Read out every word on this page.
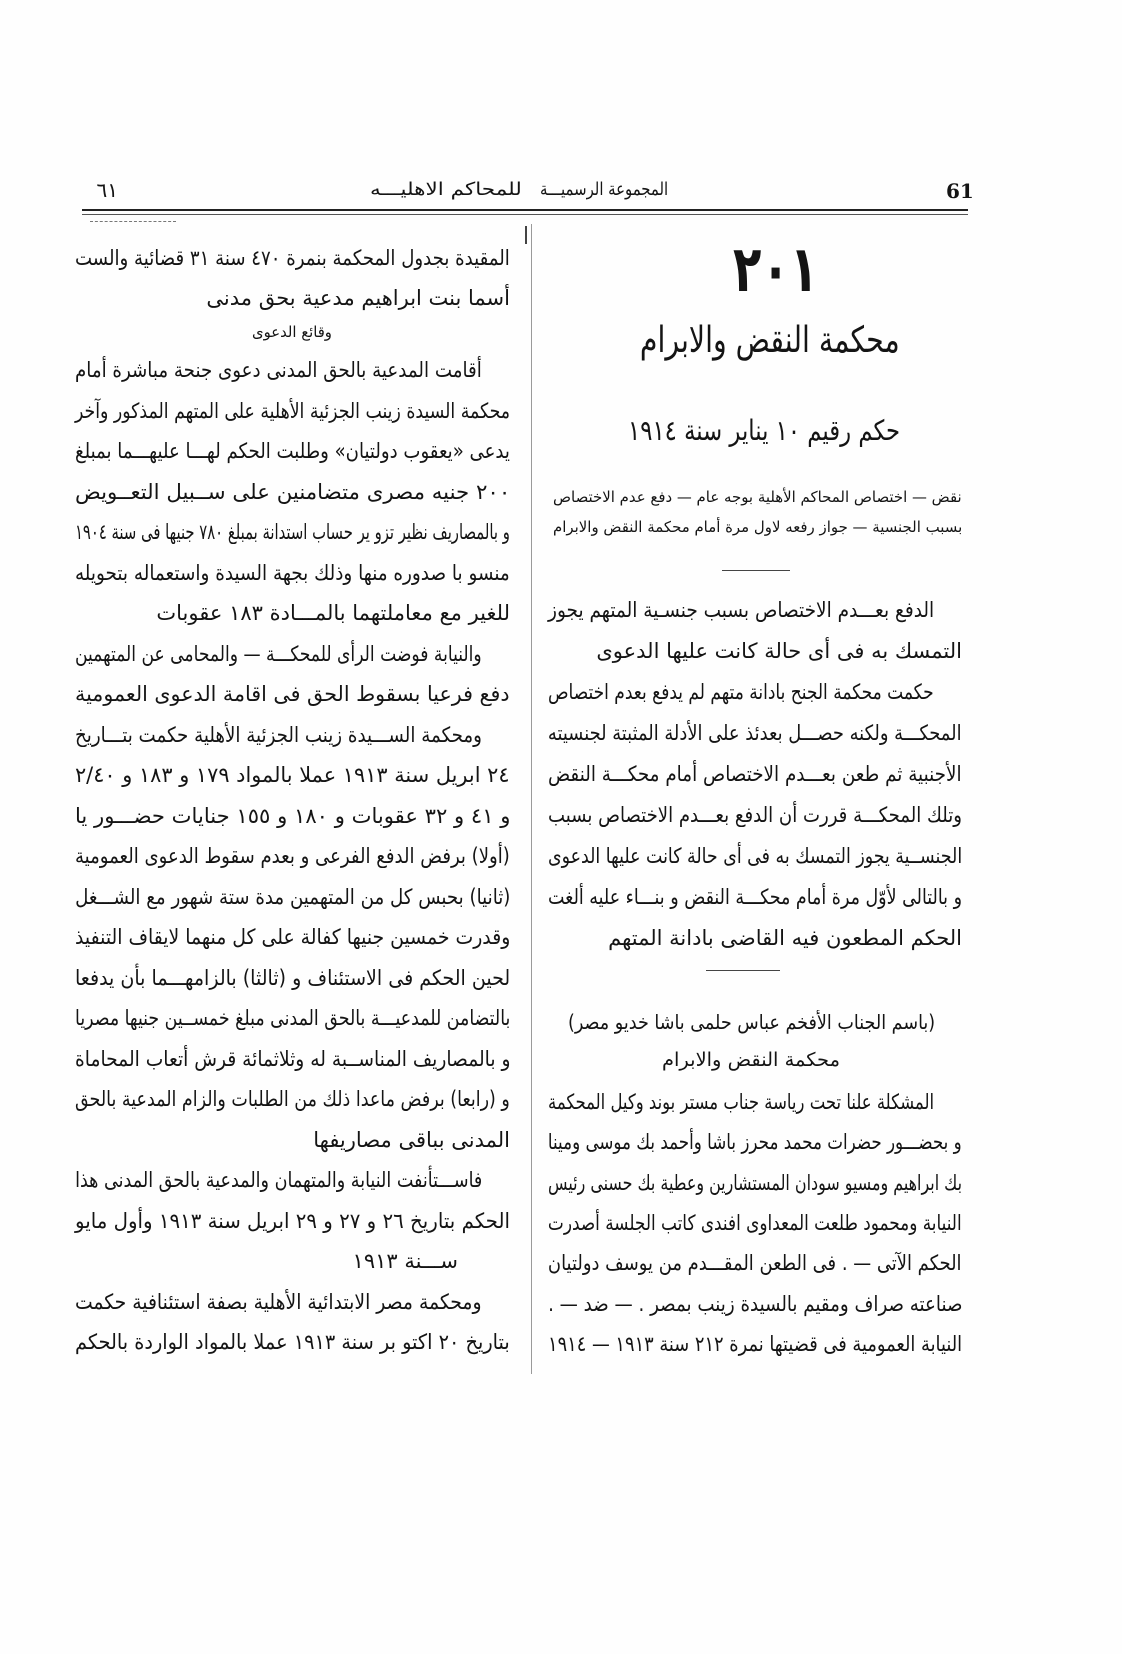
61
المجموعة الرسميـــة
للمحاكم الاهليـــه
٦١
٢٠١
محكمة النقض والابرام
حكم رقيم ١٠ يناير سنة ١٩١٤
نقض — اختصاص المحاكم الأهلية بوجه عام — دفع عدم الاختصاص
بسبب الجنسية — جواز رفعه لاول مرة أمام محكمة النقض والابرام
الدفع بعـــدم الاختصاص بسبب جنسـية المتهم يجوز
التمسك به فى أى حالة كانت عليها الدعوى
حكمت محكمة الجنح بادانة متهم لم يدفع بعدم اختصاص
المحكـــة ولكنه حصـــل بعدئذ على الأدلة المثبتة لجنسيته
الأجنبية ثم طعن بعـــدم الاختصاص أمام محكـــة النقض
وتلك المحكـــة قررت أن الدفع بعـــدم الاختصاص بسبب
الجنســية يجوز التمسك به فى أى حالة كانت عليها الدعوى
و بالتالى لأوّل مرة أمام محكـــة النقض و بنـــاء عليه ألغت
الحكم المطعون فيه القاضى بادانة المتهم
(باسم الجناب الأفخم عباس حلمى باشا خديو مصر)
محكمة النقض والابرام
المشكلة علنا تحت رياسة جناب مستر بوند وكيل المحكمة
و بحضـــور حضرات محمد محرز باشا وأحمد بك موسى ومينا
بك ابراهيم ومسيو سودان المستشارين وعطية بك حسنى رئيس
النيابة ومحمود طلعت المعداوى افندى كاتب الجلسة أصدرت
الحكم الآتى — . فى الطعن المقـــدم من يوسف دولتيان
صناعته صراف ومقيم بالسيدة زينب بمصر . — ضد — .
النيابة العمومية فى قضيتها نمرة ٢١٢ سنة ١٩١٣ — ١٩١٤
المقيدة بجدول المحكمة بنمرة ٤٧٠ سنة ٣١ قضائية والست
أسما بنت ابراهيم مدعية بحق مدنى
وقائع الدعوى
أقامت المدعية بالحق المدنى دعوى جنحة مباشرة أمام
محكمة السيدة زينب الجزئية الأهلية على المتهم المذكور وآخر
يدعى «يعقوب دولتيان» وطلبت الحكم لهـــا عليهـــما بمبلغ
٢٠٠ جنيه مصرى متضامنين على ســبيل التعــويض
و بالمصاريف نظير تزو ير حساب استدانة بمبلغ ٧٨٠ جنيها فى سنة ١٩٠٤
منسو با صدوره منها وذلك بجهة السيدة واستعماله بتحويله
للغير مع معاملتهما بالمـــادة ١٨٣ عقوبات
والنيابة فوضت الرأى للمحكـــة — والمحامى عن المتهمين
دفع فرعيا بسقوط الحق فى اقامة الدعوى العمومية
ومحكمة الســـيدة زينب الجزئية الأهلية حكمت بتـــاريخ
٢٤ ابريل سنة ١٩١٣ عملا بالمواد ١٧٩ و ١٨٣ و ٢/٤٠
و ٤١ و ٣٢ عقوبات و ١٨٠ و ١٥٥ جنايات حضـــور يا
(أولا) برفض الدفع الفرعى و بعدم سقوط الدعوى العمومية
(ثانيا) بحبس كل من المتهمين مدة ستة شهور مع الشـــغل
وقدرت خمسين جنيها كفالة على كل منهما لايقاف التنفيذ
لحين الحكم فى الاستئناف و (ثالثا) بالزامهـــما بأن يدفعا
بالتضامن للمدعيـــة بالحق المدنى مبلغ خمســين جنيها مصريا
و بالمصاريف المناســبة له وثلاثمائة قرش أتعاب المحاماة
و (رابعا) برفض ماعدا ذلك من الطلبات والزام المدعية بالحق
المدنى بباقى مصاريفها
فاســـتأنفت النيابة والمتهمان والمدعية بالحق المدنى هذا
الحكم بتاريخ ٢٦ و ٢٧ و ٢٩ ابريل سنة ١٩١٣ وأول مايو
ســـنة ١٩١٣
ومحكمة مصر الابتدائية الأهلية بصفة استئنافية حكمت
بتاريخ ٢٠ اكتو بر سنة ١٩١٣ عملا بالمواد الواردة بالحكم
